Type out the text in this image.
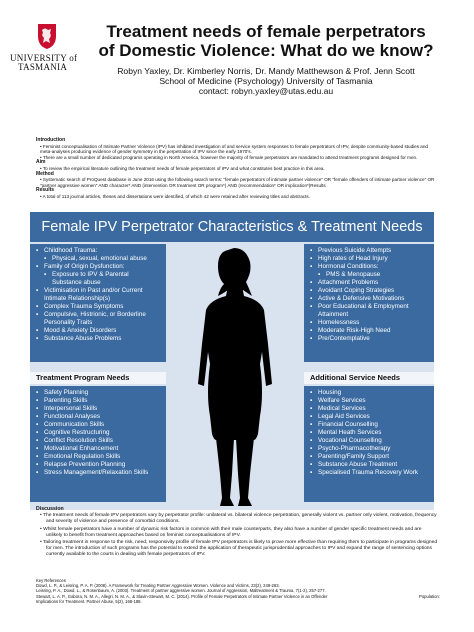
UNIVERSITY of
TASMANIA
Treatment needs of female perpetrators
of Domestic Violence: What do we know?
Robyn Yaxley, Dr. Kimberley Norris, Dr. Mandy Matthewson & Prof. Jenn Scott
School of Medicine (Psychology) University of Tasmania
contact: robyn.yaxley@utas.edu.au
Introduction
• Feminist conceptualisation of Intimate Partner Violence (IPV) has inhibited investigation of and service system responses to female perpetrators of IPV, despite community-based studies and meta-analyses producing evidence of gender symmetry in the perpetration of IPV since the early 1970's.
• There are a small number of dedicated programs operating in North America, however the majority of female perpetrators are mandated to attend treatment programs designed for men.
Aim
• To review the empirical literature outlining the treatment needs of female perpetrators of IPV and what constitutes best practice in this area.
Method
• Systematic search of ProQuest database in June 2016 using the following search terms: "female perpetrators of intimate partner violence" OR "female offenders of intimate partner violence" OR "partner aggressive women" AND character* AND (intervention OR treatment OR program*) AND (recommendation* OR implication*)Results
Results
• A total of 113 journal articles, theses and dissertations were identified, of which 42 were retained after reviewing titles and abstracts.
Female IPV Perpetrator Characteristics & Treatment Needs
▪ Childhood Trauma:
▪ Physical, sexual, emotional abuse
▪ Family of Origin Dysfunction:
▪ Exposure to IPV & Parental Substance abuse
▪ Victimisation in Past and/or Current Intimate Relationship(s)
▪ Complex Trauma Symptoms
▪ Compulsive, Histrionic, or Borderline Personality Traits
▪ Mood & Anxiety Disorders
▪ Substance Abuse Problems
▪ Previous Suicide Attempts
▪ High rates of Head Injury
▪ Hormonal Conditions:
▪ PMS & Menopause
▪ Attachment Problems
▪ Avoidant Coping Strategies
▪ Active & Defensive Motivations
▪ Poor Educational & Employment Attainment
▪ Homelessness
▪ Moderate Risk-High Need
▪ Pre/Contemplative
Treatment Program Needs	Additional Service Needs
▪ Safety Planning
▪ Parenting Skills
▪ Interpersonal Skills
▪ Functional Analyses
▪ Communication Skills
▪ Cognitive Restructuring
▪ Conflict Resolution Skills
▪ Motivational Enhancement
▪ Emotional Regulation Skills
▪ Relapse Prevention Planning
▪ Stress Management/Relaxation Skills
▪ Housing
▪ Welfare Services
▪ Medical Services
▪ Legal Aid Services
▪ Financial Counselling
▪ Mental Heath Services
▪ Vocational Counselling
▪ Psycho-Pharmacotherapy
▪ Parenting/Family Support
▪ Substance Abuse Treatment
▪ Specialised Trauma Recovery Work
Discussion
• The treatment needs of female IPV perpetrators vary by perpetrator profile: unilateral vs. bilateral violence perpetration, generally violent vs. partner only violent, motivation, frequency and severity of violence and presence of comorbid conditions.
• Whilst female perpetrators have a number of dynamic risk factors in common with their male counterparts, they also have a number of gender specific treatment needs and are unlikely to benefit from treatment approaches based on feminist conceptualisations of IPV.
• Tailoring treatment in response to the risk, need, responsivity profile of female IPV perpetrators is likely to prove more effective than requiring them to participate in programs designed for men. The introduction of such programs has the potential to extend the application of therapeutic jurisprudential approaches to IPV and expand the range of sentencing options currently available to the courts in dealing with female perpetrators of IPV.
Key References
Dowd, L. P., & Leisring, P. A. P. (2008). A Framework for Treating Partner Aggressive Women. Violence and Victims, 23(2), 249-263.
Leisring, P. A., Dowd, L., & Rosenbaum, A. (2003). Treatment of partner aggressive women. Journal of Aggression, Maltreatment & Trauma, 7(1-2), 257-277.
Stewart, L. A. P., Gabora, N. M. A., Allegri, N. M. A., & Slavin-Stewart, M. C. (2014). Profile of Female Perpetrators of Intimate Partner Violence in an Offender	Population:
Implications for Treatment. Partner Abuse, 5(2), 168-188.
